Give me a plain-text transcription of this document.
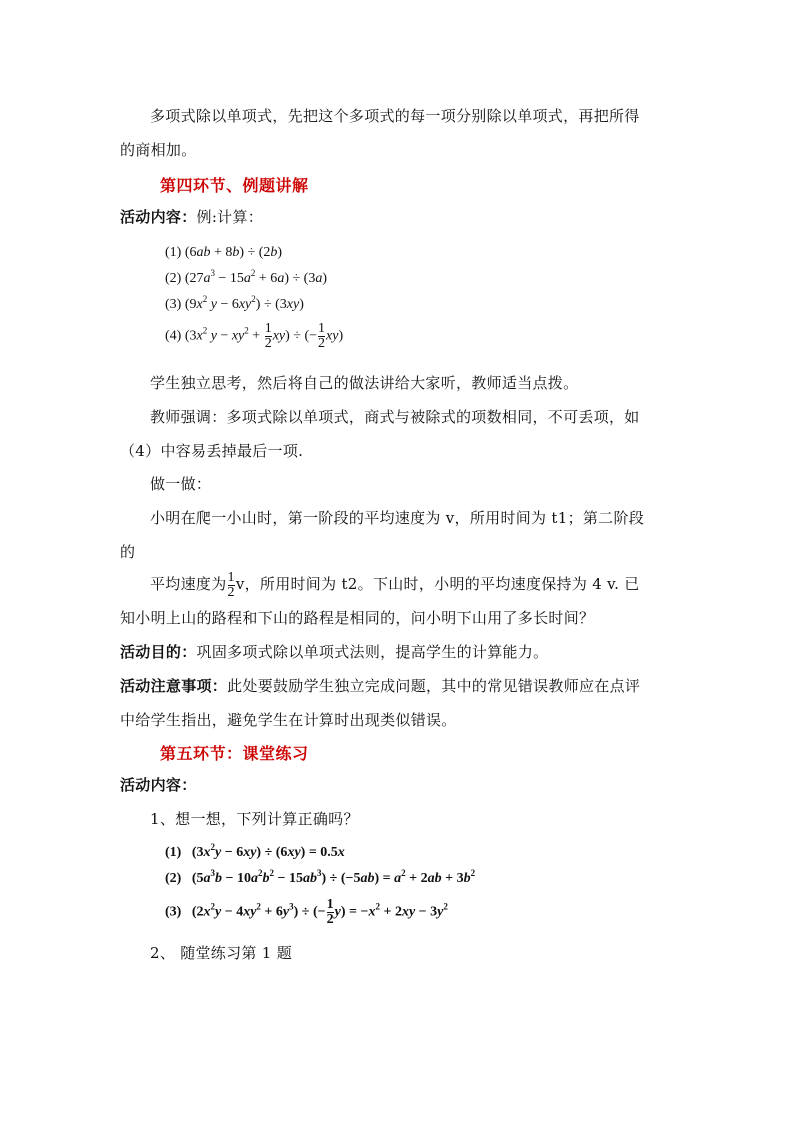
多项式除以单项式，先把这个多项式的每一项分别除以单项式，再把所得
的商相加。
第四环节、例题讲解
活动内容：例:计算：
(1) (6ab + 8b) ÷ (2b)
(2) $(27a^3 - 15a^2 + 6a) \div (3a)$
(3) ($9x^2$ $y - 6xy^2) \div (3xy)$
(4) ($3x^2$ $y - xy^2 + \frac{1}{2} xy$) ÷ (− $\frac{1}{2} xy$)
学生独立思考，然后将自己的做法讲给大家听，教师适当点拨。
教师强调：多项式除以单项式，商式与被除式的项数相同，不可丢项，如
（4）中容易丢掉最后一项.
做一做：
小明在爬一小山时，第一阶段的平均速度为 v，所用时间为 t1；第二阶段
的
平均速度为 $\frac{1}{2}$ v，所用时间为 t2。下山时，小明的平均速度保持为 4 v. 已
知小明上山的路程和下山的路程是相同的，问小明下山用了多长时间？
活动目的：巩固多项式除以单项式法则，提高学生的计算能力。
活动注意事项：此处要鼓励学生独立完成问题，其中的常见错误教师应在点评
中给学生指出，避免学生在计算时出现类似错误。
第五环节：课堂练习
活动内容：
1、想一想，下列计算正确吗？
(1)   $(3x^2y - 6xy) \div (6xy) = 0.5x$
(2)   $(5a^3b - 10a^2b^2 - 15ab^3) \div (-5ab) = a^2 + 2ab + 3b^2$
(3)   $(2x^2y - 4xy^2 + 6y^3)$ ÷ (− $\frac{1}{2} y) = -x^2 + 2xy - 3y^2$
2、 随堂练习第 1 题
